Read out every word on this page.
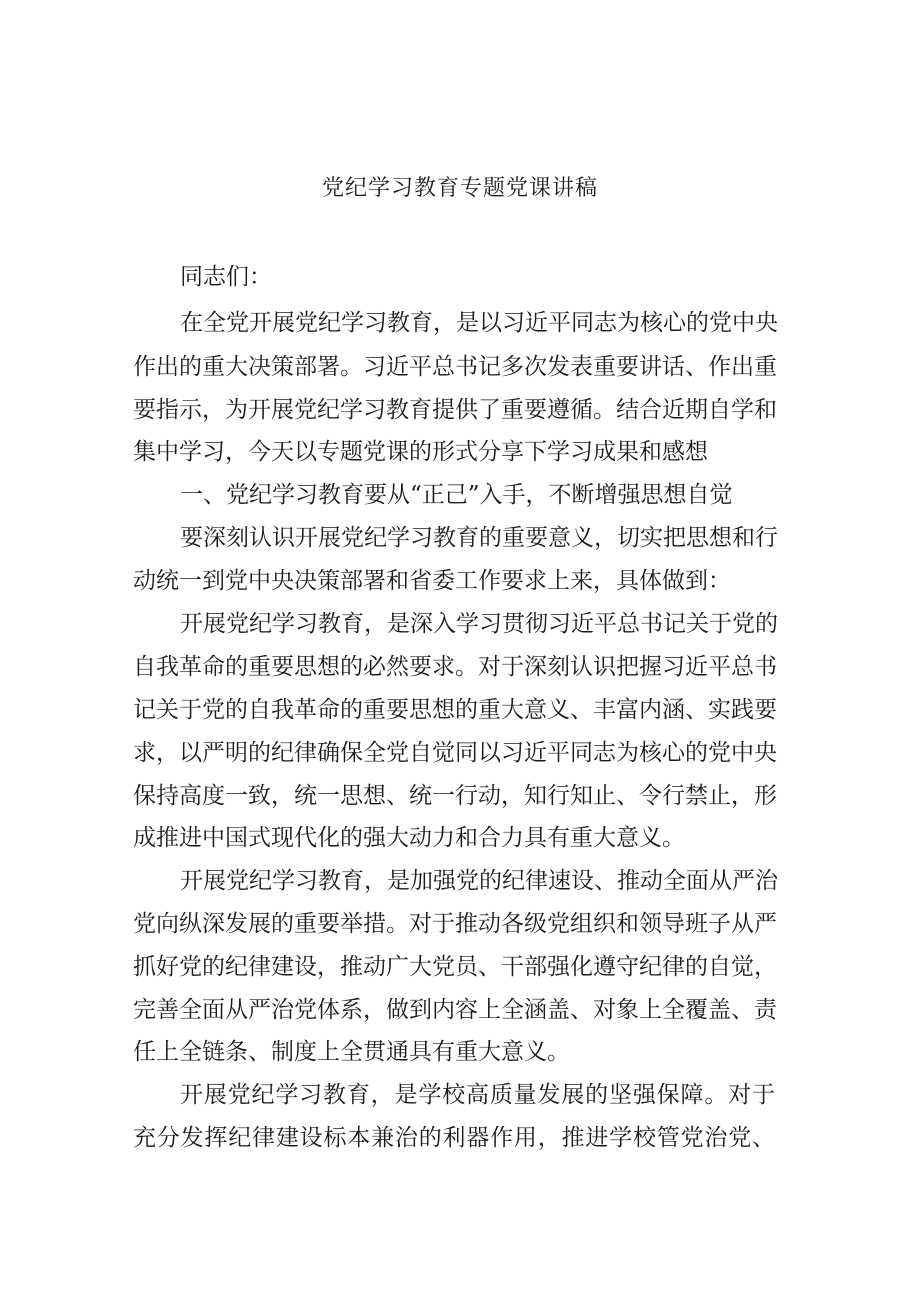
党纪学习教育专题党课讲稿

同志们：

在全党开展党纪学习教育，是以习近平同志为核心的党中央

作出的重大决策部署。习近平总书记多次发表重要讲话、作出重

要指示，为开展党纪学习教育提供了重要遵循。结合近期自学和

集中学习，今天以专题党课的形式分享下学习成果和感想

一、党纪学习教育要从“正己”入手，不断增强思想自觉

要深刻认识开展党纪学习教育的重要意义，切实把思想和行

动统一到党中央决策部署和省委工作要求上来，具体做到：

开展党纪学习教育，是深入学习贯彻习近平总书记关于党的

自我革命的重要思想的必然要求。对于深刻认识把握习近平总书

记关于党的自我革命的重要思想的重大意义、丰富内涵、实践要

求，以严明的纪律确保全党自觉同以习近平同志为核心的党中央

保持高度一致，统一思想、统一行动，知行知止、令行禁止，形

成推进中国式现代化的强大动力和合力具有重大意义。

开展党纪学习教育，是加强党的纪律速设、推动全面从严治

党向纵深发展的重要举措。对于推动各级党组织和领导班子从严

抓好党的纪律建设，推动广大党员、干部强化遵守纪律的自觉，

完善全面从严治党体系，做到内容上全涵盖、对象上全覆盖、责

任上全链条、制度上全贯通具有重大意义。

开展党纪学习教育，是学校高质量发展的坚强保障。对于

充分发挥纪律建设标本兼治的利器作用，推进学校管党治党、
